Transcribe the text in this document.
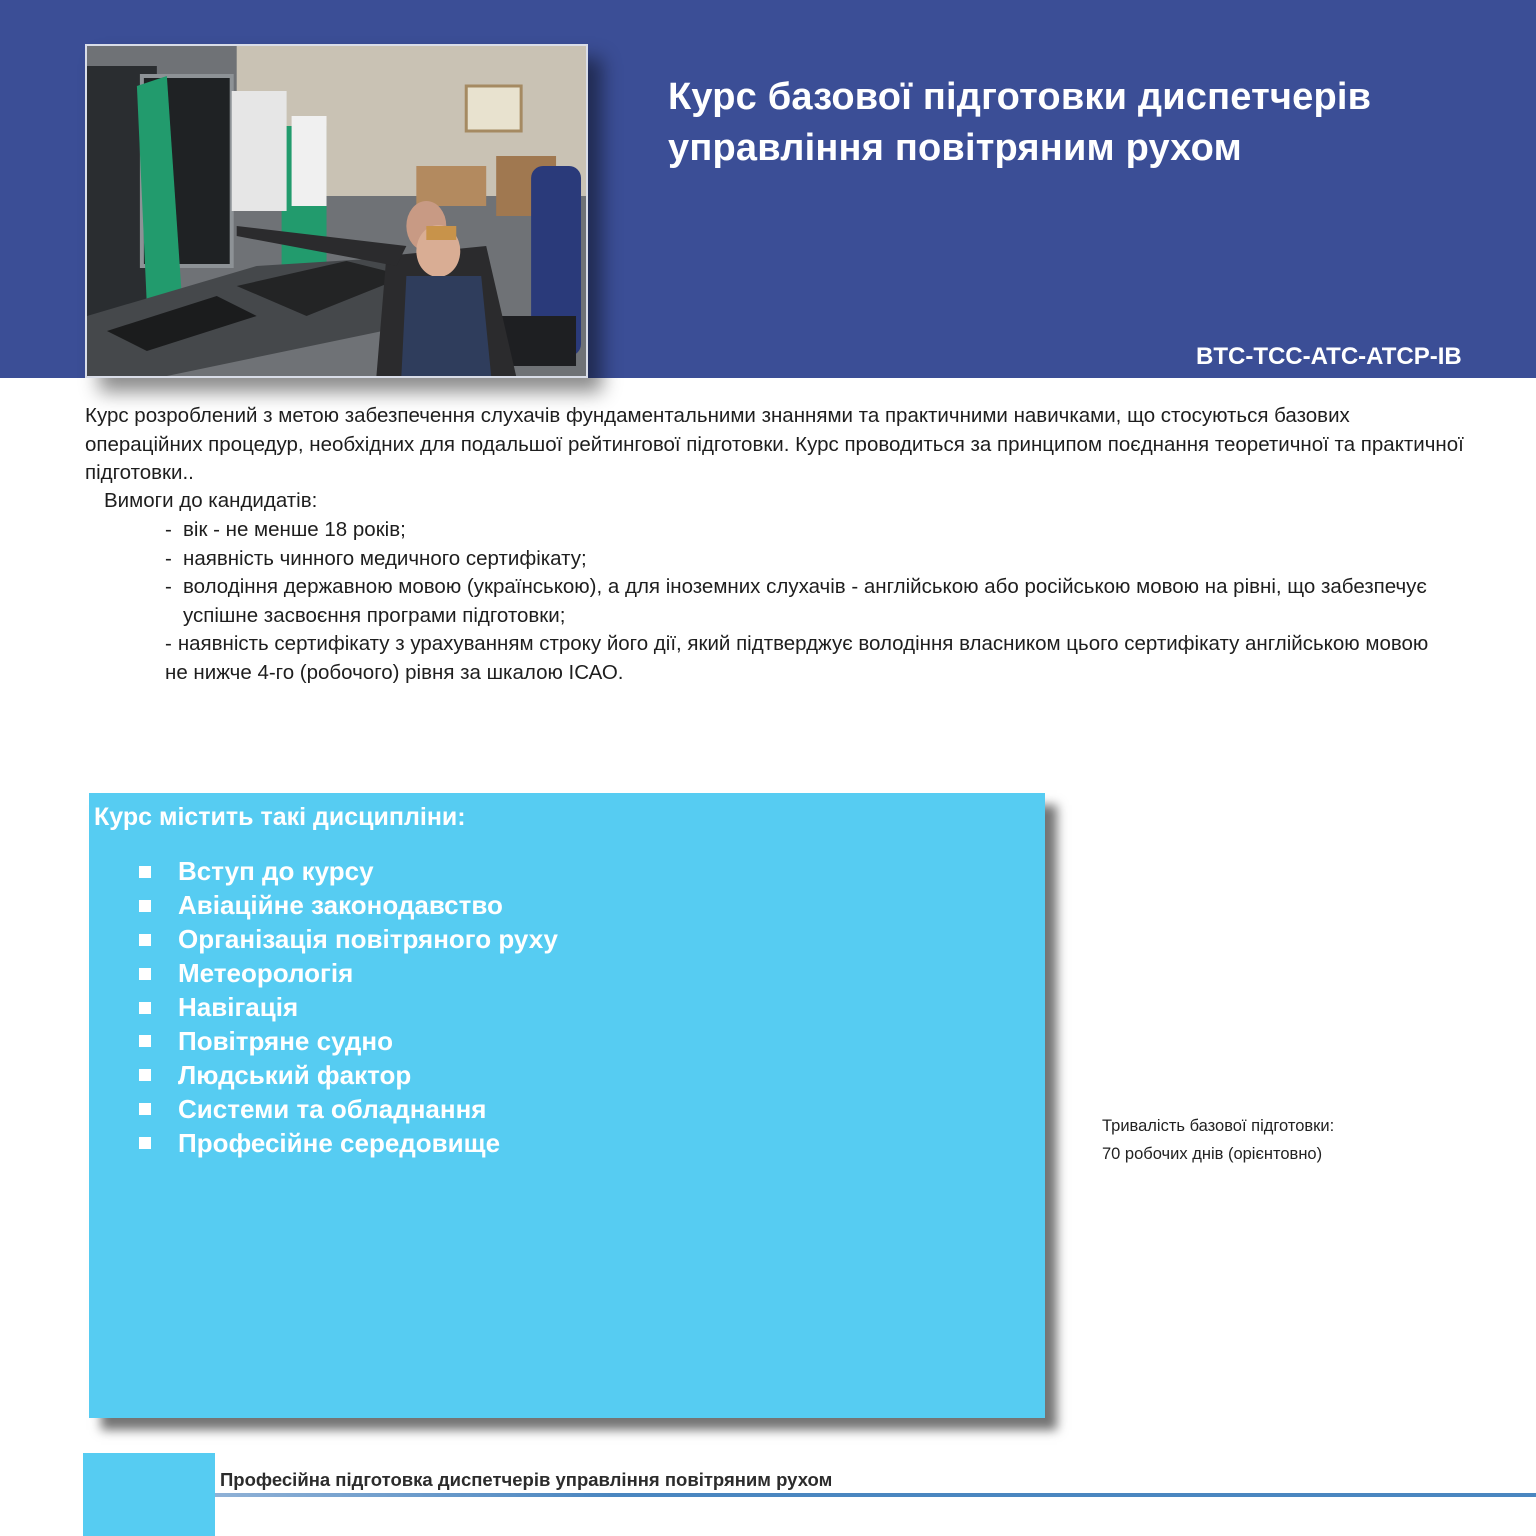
Курс базової підготовки диспетчерів
управління повітряним рухом
BTC-TCC-ATC-ATCP-IB
Курс розроблений з метою забезпечення слухачів фундаментальними знаннями та практичними навичками, що стосуються базових операційних процедур, необхідних для подальшої рейтингової підготовки. Курс проводиться за принципом поєднання теоретичної та практичної підготовки..
Вимоги до кандидатів:
- вік - не менше 18 років;
- наявність чинного медичного сертифікату;
- володіння державною мовою (українською), а для іноземних слухачів - англійською або російською мовою на рівні, що забезпечує успішне засвоєння програми підготовки;
- наявність сертифікату з урахуванням строку його дії, який підтверджує володіння власником цього сертифікату англійською мовою не нижче 4-го (робочого) рівня за шкалою ІСАО.
Курс містить такі дисципліни:
Вступ до курсу
Авіаційне законодавство
Організація повітряного руху
Метеорологія
Навігація
Повітряне судно
Людський фактор
Системи та обладнання
Професійне середовище
Тривалість базової підготовки:
70 робочих днів (орієнтовно)
Професійна підготовка диспетчерів управління повітряним рухом
